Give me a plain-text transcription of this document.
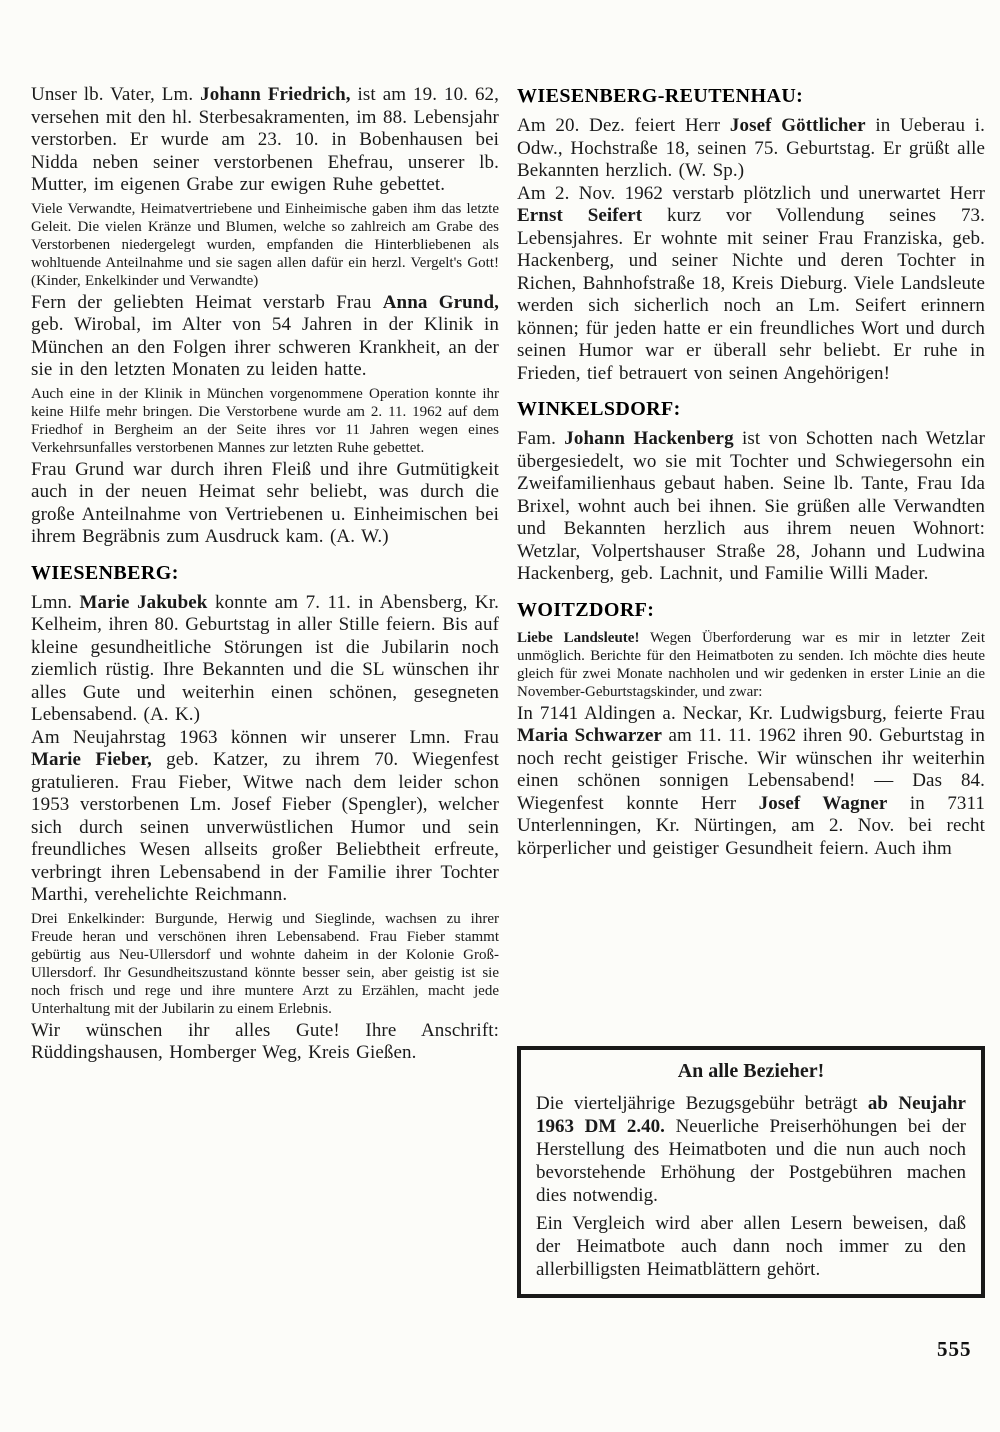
Unser lb. Vater, Lm. Johann Friedrich, ist am 19. 10. 62, versehen mit den hl. Sterbesakramenten, im 88. Lebensjahr verstorben. Er wurde am 23. 10. in Bobenhausen bei Nidda neben seiner verstorbenen Ehefrau, unserer lb. Mutter, im eigenen Grabe zur ewigen Ruhe gebettet.

Viele Verwandte, Heimatvertriebene und Einheimische gaben ihm das letzte Geleit. Die vielen Kränze und Blumen, welche so zahlreich am Grabe des Verstorbenen niedergelegt wurden, empfanden die Hinterbliebenen als wohltuende Anteilnahme und sie sagen allen dafür ein herzl. Vergelt's Gott! (Kinder, Enkelkinder und Verwandte)

Fern der geliebten Heimat verstarb Frau Anna Grund, geb. Wirobal, im Alter von 54 Jahren in der Klinik in München an den Folgen ihrer schweren Krankheit, an der sie in den letzten Monaten zu leiden hatte.

Auch eine in der Klinik in München vorgenommene Operation konnte ihr keine Hilfe mehr bringen. Die Verstorbene wurde am 2. 11. 1962 auf dem Friedhof in Bergheim an der Seite ihres vor 11 Jahren wegen eines Verkehrsunfalles verstorbenen Mannes zur letzten Ruhe gebettet.

Frau Grund war durch ihren Fleiß und ihre Gutmütigkeit auch in der neuen Heimat sehr beliebt, was durch die große Anteilnahme von Vertriebenen u. Einheimischen bei ihrem Begräbnis zum Ausdruck kam. (A. W.)

WIESENBERG:

Lmn. Marie Jakubek konnte am 7. 11. in Abensberg, Kr. Kelheim, ihren 80. Geburtstag in aller Stille feiern. Bis auf kleine gesundheitliche Störungen ist die Jubilarin noch ziemlich rüstig. Ihre Bekannten und die SL wünschen ihr alles Gute und weiterhin einen schönen, gesegneten Lebensabend. (A. K.)

Am Neujahrstag 1963 können wir unserer Lmn. Frau Marie Fieber, geb. Katzer, zu ihrem 70. Wiegenfest gratulieren. Frau Fieber, Witwe nach dem leider schon 1953 verstorbenen Lm. Josef Fieber (Spengler), welcher sich durch seinen unverwüstlichen Humor und sein freundliches Wesen allseits großer Beliebtheit erfreute, verbringt ihren Lebensabend in der Familie ihrer Tochter Marthi, verehelichte Reichmann.

Drei Enkelkinder: Burgunde, Herwig und Sieglinde, wachsen zu ihrer Freude heran und verschönen ihren Lebensabend. Frau Fieber stammt gebürtig aus Neu-Ullersdorf und wohnte daheim in der Kolonie Groß-Ullersdorf. Ihr Gesundheitszustand könnte besser sein, aber geistig ist sie noch frisch und rege und ihre muntere Arzt zu Erzählen, macht jede Unterhaltung mit der Jubilarin zu einem Erlebnis.

Wir wünschen ihr alles Gute! Ihre Anschrift: Rüddingshausen, Homberger Weg, Kreis Gießen.

WIESENBERG-REUTENHAU:

Am 20. Dez. feiert Herr Josef Göttlicher in Ueberau i. Odw., Hochstraße 18, seinen 75. Geburtstag. Er grüßt alle Bekannten herzlich. (W. Sp.)

Am 2. Nov. 1962 verstarb plötzlich und unerwartet Herr Ernst Seifert kurz vor Vollendung seines 73. Lebensjahres. Er wohnte mit seiner Frau Franziska, geb. Hackenberg, und seiner Nichte und deren Tochter in Richen, Bahnhofstraße 18, Kreis Dieburg. Viele Landsleute werden sich sicherlich noch an Lm. Seifert erinnern können; für jeden hatte er ein freundliches Wort und durch seinen Humor war er überall sehr beliebt. Er ruhe in Frieden, tief betrauert von seinen Angehörigen!

WINKELSDORF:

Fam. Johann Hackenberg ist von Schotten nach Wetzlar übergesiedelt, wo sie mit Tochter und Schwiegersohn ein Zweifamilienhaus gebaut haben. Seine lb. Tante, Frau Ida Brixel, wohnt auch bei ihnen. Sie grüßen alle Verwandten und Bekannten herzlich aus ihrem neuen Wohnort: Wetzlar, Volpertshauser Straße 28, Johann und Ludwina Hackenberg, geb. Lachnit, und Familie Willi Mader.

WOITZDORF:

Liebe Landsleute! Wegen Überforderung war es mir in letzter Zeit unmöglich. Berichte für den Heimatboten zu senden. Ich möchte dies heute gleich für zwei Monate nachholen und wir gedenken in erster Linie an die November-Geburtstagskinder, und zwar:

In 7141 Aldingen a. Neckar, Kr. Ludwigsburg, feierte Frau Maria Schwarzer am 11. 11. 1962 ihren 90. Geburtstag in noch recht geistiger Frische. Wir wünschen ihr weiterhin einen schönen sonnigen Lebensabend! — Das 84. Wiegenfest konnte Herr Josef Wagner in 7311 Unterlenningen, Kr. Nürtingen, am 2. Nov. bei recht körperlicher und geistiger Gesundheit feiern. Auch ihm

An alle Bezieher!

Die vierteljährige Bezugsgebühr beträgt ab Neujahr 1963 DM 2.40. Neuerliche Preiserhöhungen bei der Herstellung des Heimatboten und die nun auch noch bevorstehende Erhöhung der Postgebühren machen dies notwendig.

Ein Vergleich wird aber allen Lesern beweisen, daß der Heimatbote auch dann noch immer zu den allerbilligsten Heimatblättern gehört.

555
